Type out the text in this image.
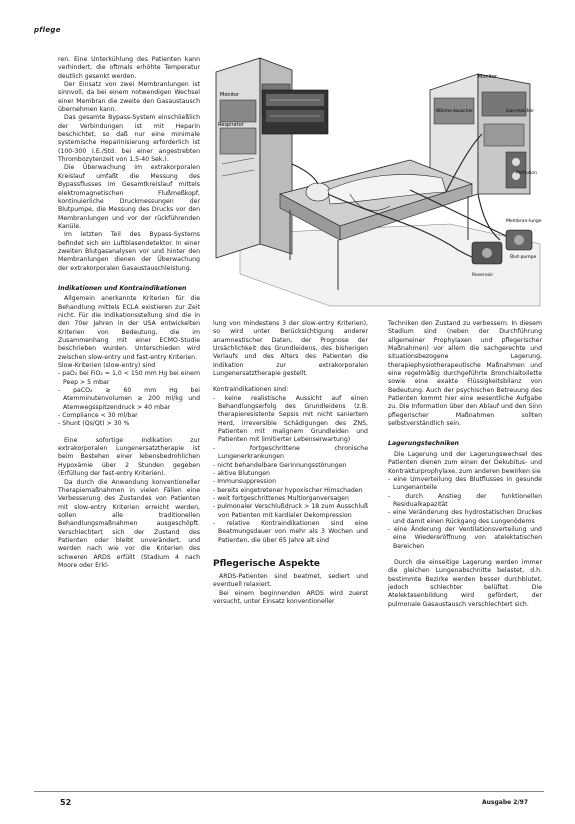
pflege

ren. Eine Unterkühlung des Patienten kann verhindert, die oftmals erhöhte Temperatur deutlich gesenkt werden.

Der Einsatz von zwei Membranlungen ist sinnvoll, da bei einem notwendigen Wechsel einer Membran die zweite den Gasaustausch übernehmen kann.

Das gesamte Bypass-System einschließlich der Verbindungen ist mit Heparin beschichtet, so daß nur eine minimale systemische Heparinisierung erforderlich ist (100-300 I.E./Std. bei einer angestrebten Thrombozytenzeit von 1,5-40 Sek.).

Die Überwachung im extrakorporalen Kreislauf umfaßt die Messung des Bypassflusses im Gesamtkreislauf mittels elektromagnetischen Flußmeßkopf, kontinuierliche Druckmessungen der Blutpumpe, die Messung des Drucks vor den Membranlungen und vor der rückführenden Kanüle.

Im letzten Teil des Bypass-Systems befindet sich ein Luftblasendetektor. In einer zweiten Blutgasanalysen vor und hinter den Membranlungen dienen der Überwachung der extrakorporalen Gasaustauschleistung.

Indikationen und Kontraindikationen

Allgemein anerkannte Kriterien für die Behandlung mittels ECLA existieren zur Zeit nicht. Für die Indikationsstellung sind die in den 70er Jahren in der USA entwickelten Kriterien von Bedeutung, die im Zusammenhang mit einer ECMO-Studie beschrieben wurden. Unterschieden wird zwischen slow-entry und fast-entry Kriterien.

Slow-Kriterien (slow-entry) sind

- paO₂ bei FiO₂ = 1,0 < 150 mm Hg bei einem Peep > 5 mbar

- paCO₂ ≥ 60 mm Hg bei Atemminutenvolumen ≥ 200 ml/kg und Atemwegsspitzendruck > 40 mbar

- Compliance < 30 ml/bar

- Shunt (Qs/Qt) > 30 %

Eine sofortige Indikation zur extrakorporalen Lungenersatztherapie ist beim Bestehen einer lebensbedrohlichen Hypoxämie über 2 Stunden gegeben (Erfüllung der fast-entry Kriterien).

Da durch die Anwendung konventioneller Therapiemaßnahmen in vielen Fällen eine Verbesserung des Zustandes von Patienten mit slow-entry Kriterien erreicht werden, sollen alle traditionellen Behandlungsmaßnahmen ausgeschöpft. Verschlechtert sich der Zustand des Patienten oder bleibt unverändert, und werden nach wie vor die Kriterien des schweren ARDS erfüllt (Stadium 4 nach Moore oder Erkl-

Monitor
Respirator
Monitor
Wärme-tauscher	Gas-mischer
Perfusion
Membran-lunge
Blut-pumpe
Reservoir

lung von mindestens 3 der slow-entry Kriterien), so wird unter Berücksichtigung anderer anamnestischer Daten, der Prognose der Ursächlichkeit des Grundleidens, des bisherigen Verlaufs und des Alters des Patienten die Indikation zur extrakorporalen Lungenersatztherapie gestellt.

Kontraindikationen sind:

- keine realistische Aussicht auf einen Behandlungserfolg des Grundleidens (z.B. therapieresistente Sepsis mit nicht saniertem Herd, irreversible Schädigungen des ZNS, Patienten mit malignem Grundleiden und Patienten mit limitierter Lebenserwartung)

- fortgeschrittene chronische Lungenerkrankungen

- nicht behandelbare Gerinnungsstörungen

- aktive Blutungen

- Immunsuppression

- bereits eingetretener hypoxischer Himschaden

- weit fortgeschrittenes Multiorganversagen

- pulmonaler Verschlußdruck > 18 zum Ausschluß von Patienten mit kardialer Dekompression

- relative Kontraindikationen sind eine Beatmungsdauer von mehr als 3 Wochen und Patienten, die über 65 Jahre alt sind

Pflegerische Aspekte

ARDS-Patienten sind beatmet, sediert und eventuell relaxiert.

Bei einem beginnenden ARDS wird zuerst versucht, unter Einsatz konventioneller

Techniken den Zustand zu verbessern. In diesem Stadium sind (neben der Durchführung allgemeiner Prophylaxen und pflegerischer Maßnahmen) vor allem die sachgerechte und situationsbezogene Lagerung, therapiephysiotherapeutische Maßnahmen und eine regelmäßig durchgeführte Bronchialtoilette sowie eine exakte Flüssigkeitsbilanz von Bedeutung. Auch der psychischen Betreuung des Patienten kommt hier eine wesentliche Aufgabe zu. Die Information über den Ablauf und den Sinn pflegerischer Maßnahmen sollten selbstverständlich sein.

Lagerungstechniken

Die Lagerung und der Lagerungswechsel des Patienten dienen zum einen der Dekubitus- und Kontrakturprophylaxe, zum anderen bewirken sie

- eine Umverteilung des Blutflusses in gesunde Lungenanteile

- durch Anstieg der funktionellen Residualkapazität

- eine Veränderung des hydrostatischen Druckes und damit einen Rückgang des Lungenödems

- eine Änderung der Ventilationsverteilung und eine Wiedereröffnung von atelektatischen Bereichen

Durch die einseitige Lagerung werden immer die gleichen Lungenabschnitte belastet, d.h. bestimmte Bezirke werden besser durchblutet, jedoch schlechter belüftet. Die Atelektasenbildung wird gefördert, der pulmonale Gasaustausch verschlechtert sich.

52	Ausgabe 2/97
